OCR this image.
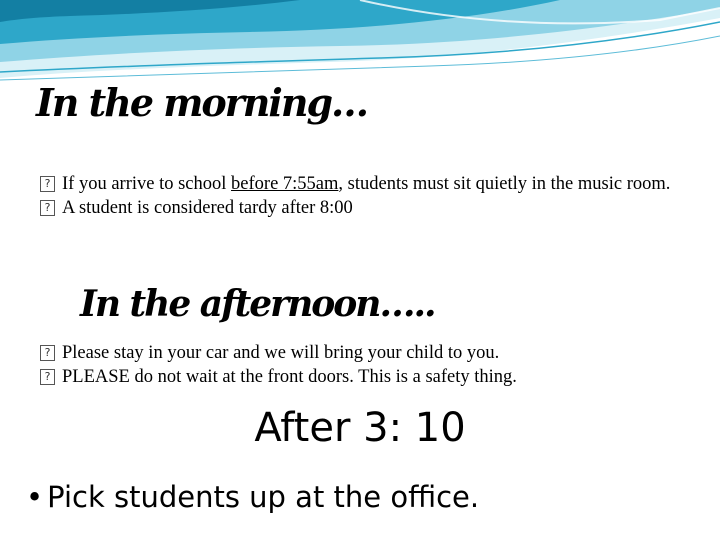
In the morning…
? If you arrive to school before 7:55am, students must sit quietly in the music room.
? A student is considered tardy after 8:00
In the afternoon…..
? Please stay in your car and we will bring your child to you.
? PLEASE do not wait at the front doors. This is a safety thing.

After 3: 10

• Pick students up at the office.
